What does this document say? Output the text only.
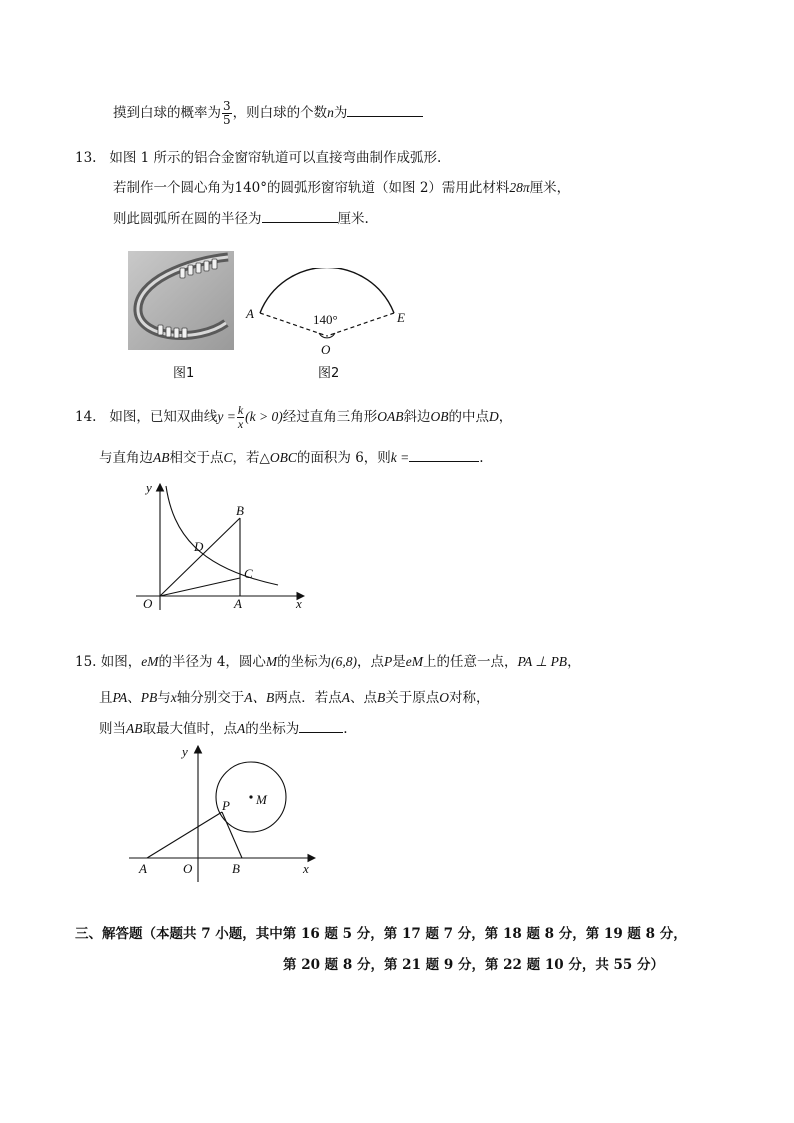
摸到白球的概率为 $\frac{3}{5}$ ，则白球的个数n为
13. 如图 1 所示的铝合金窗帘轨道可以直接弯曲制作成弧形.
若制作一个圆心角为140°的圆弧形窗帘轨道（如图 2）需用此材料28π厘米，
则此圆弧所在圆的半径为	厘米.
图1
A	E
O
140°
图2
14. 如图，已知双曲线$y = \frac{k}{x} (k > 0)$经过直角三角形OAB斜边OB的中点D，
与直角边AB相交于点C，若△OBC的面积为 6，则k =	.
y
x
O	A
B
C
D
15. 如图，eM的半径为 4，圆心M的坐标为(6,8)，点P是eM上的任意一点，PA ⊥ PB，
且PA、PB与x轴分别交于A、B两点．若点A、点B关于原点O对称，
则当AB取最大值时，点A的坐标为	.
y
x
O
A	B
P M
三、解答题（本题共 7 小题，其中第 16 题 5 分，第 17 题 7 分，第 18 题 8 分，第 19 题 8 分，
第 20 题 8 分，第 21 题 9 分，第 22 题 10 分，共 55 分）
